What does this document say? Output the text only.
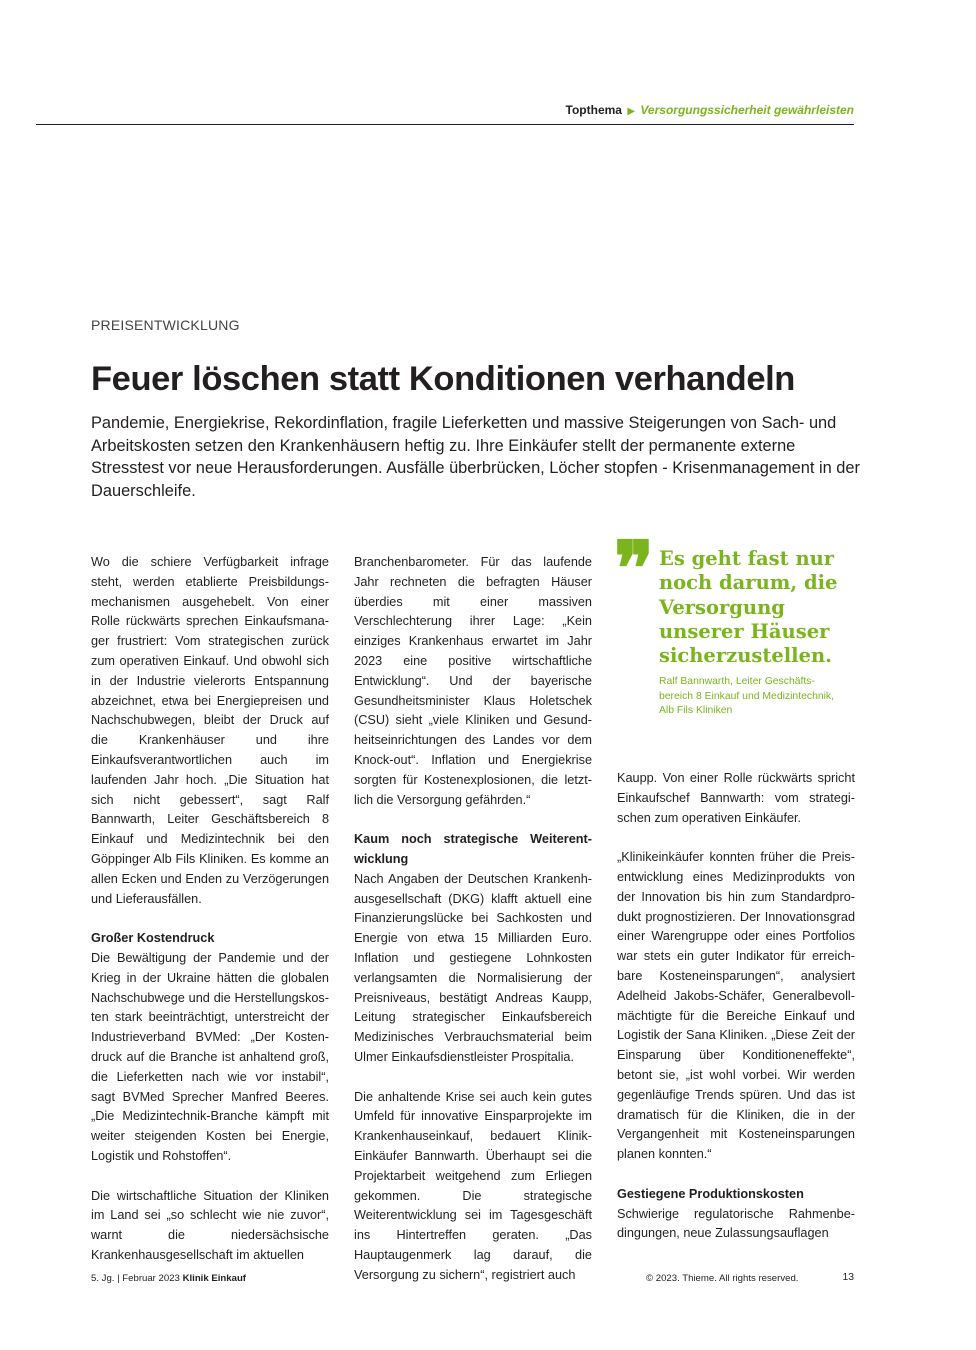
Topthema ▶ Versorgungssicherheit gewährleisten
PREISENTWICKLUNG
Feuer löschen statt Konditionen verhandeln

Pandemie, Energiekrise, Rekordinflation, fragile Lieferketten und massive Steigerungen von Sach- und Arbeitskosten setzen den Krankenhäusern heftig zu. Ihre Einkäufer stellt der permanente externe Stresstest vor neue Herausforderungen. Ausfälle überbrücken, Löcher stopfen - Krisenmanagement in der Dauerschleife.

Wo die schiere Verfügbarkeit infrage steht, werden etablierte Preisbildungsmechanismen ausgehebelt. Von einer Rolle rückwärts sprechen Einkaufsmanager frustriert: Vom strategischen zurück zum operativen Einkauf. Und obwohl sich in der Industrie vielerorts Entspannung abzeichnet, etwa bei Energiepreisen und Nachschubwegen, bleibt der Druck auf die Krankenhäuser und ihre Einkaufsverantwortlichen auch im laufenden Jahr hoch. „Die Situation hat sich nicht gebessert“, sagt Ralf Bannwarth, Leiter Geschäftsbereich 8 Einkauf und Medizintechnik bei den Göppinger Alb Fils Kliniken. Es komme an allen Ecken und Enden zu Verzögerungen und Lieferausfällen.

Großer Kostendruck

Die Bewältigung der Pandemie und der Krieg in der Ukraine hätten die globalen Nachschubwege und die Herstellungskosten stark beeinträchtigt, unterstreicht der Industrieverband BVMed: „Der Kostendruck auf die Branche ist anhaltend groß, die Lieferketten nach wie vor instabil“, sagt BVMed Sprecher Manfred Beeres. „Die Medizintechnik-Branche kämpft mit weiter steigenden Kosten bei Energie, Logistik und Rohstoffen“.

Die wirtschaftliche Situation der Kliniken im Land sei „so schlecht wie nie zuvor“, warnt die niedersächsische Krankenhausgesellschaft im aktuellen

Branchenbarometer. Für das laufende Jahr rechneten die befragten Häuser überdies mit einer massiven Verschlechterung ihrer Lage: „Kein einziges Krankenhaus erwartet im Jahr 2023 eine positive wirtschaftliche Entwicklung“. Und der bayerische Gesundheitsminister Klaus Holetschek (CSU) sieht „viele Kliniken und Gesundheitseinrichtungen des Landes vor dem Knock-out“. Inflation und Energiekrise sorgten für Kostenexplosionen, die letztlich die Versorgung gefährden.“

Kaum noch strategische Weiterentwicklung

Nach Angaben der Deutschen Krankenhausgesellschaft (DKG) klafft aktuell eine Finanzierungslücke bei Sachkosten und Energie von etwa 15 Milliarden Euro. Inflation und gestiegene Lohnkosten verlangsamten die Normalisierung der Preisniveaus, bestätigt Andreas Kaupp, Leitung strategischer Einkaufsbereich Medizinisches Verbrauchsmaterial beim Ulmer Einkaufsdienstleister Prospitalia.

Die anhaltende Krise sei auch kein gutes Umfeld für innovative Einsparprojekte im Krankenhauseinkauf, bedauert Klinik-Einkäufer Bannwarth. Überhaupt sei die Projektarbeit weitgehend zum Erliegen gekommen. Die strategische Weiterentwicklung sei im Tagesgeschäft ins Hintertreffen geraten. „Das Hauptaugenmerk lag darauf, die Versorgung zu sichern“, registriert auch

❞ Es geht fast nur noch darum, die Versorgung unserer Häuser sicherzustellen.

Ralf Bannwarth, Leiter Geschäftsbereich 8 Einkauf und Medizintechnik, Alb Fils Kliniken

Kaupp. Von einer Rolle rückwärts spricht Einkaufschef Bannwarth: vom strategischen zum operativen Einkäufer.

„Klinikeinkäufer konnten früher die Preisentwicklung eines Medizinprodukts von der Innovation bis hin zum Standardprodukt prognostizieren. Der Innovationsgrad einer Warengruppe oder eines Portfolios war stets ein guter Indikator für erreichbare Kosteneinsparungen“, analysiert Adelheid Jakobs-Schäfer, Generalbevollmächtigte für die Bereiche Einkauf und Logistik der Sana Kliniken. „Diese Zeit der Einsparung über Konditioneneffekte“, betont sie, „ist wohl vorbei. Wir werden gegenläufige Trends spüren. Und das ist dramatisch für die Kliniken, die in der Vergangenheit mit Kosteneinsparungen planen konnten.“

Gestiegene Produktionskosten

Schwierige regulatorische Rahmenbedingungen, neue Zulassungsauflagen

5. Jg. | Februar 2023 Klinik Einkauf	© 2023. Thieme. All rights reserved.	13
